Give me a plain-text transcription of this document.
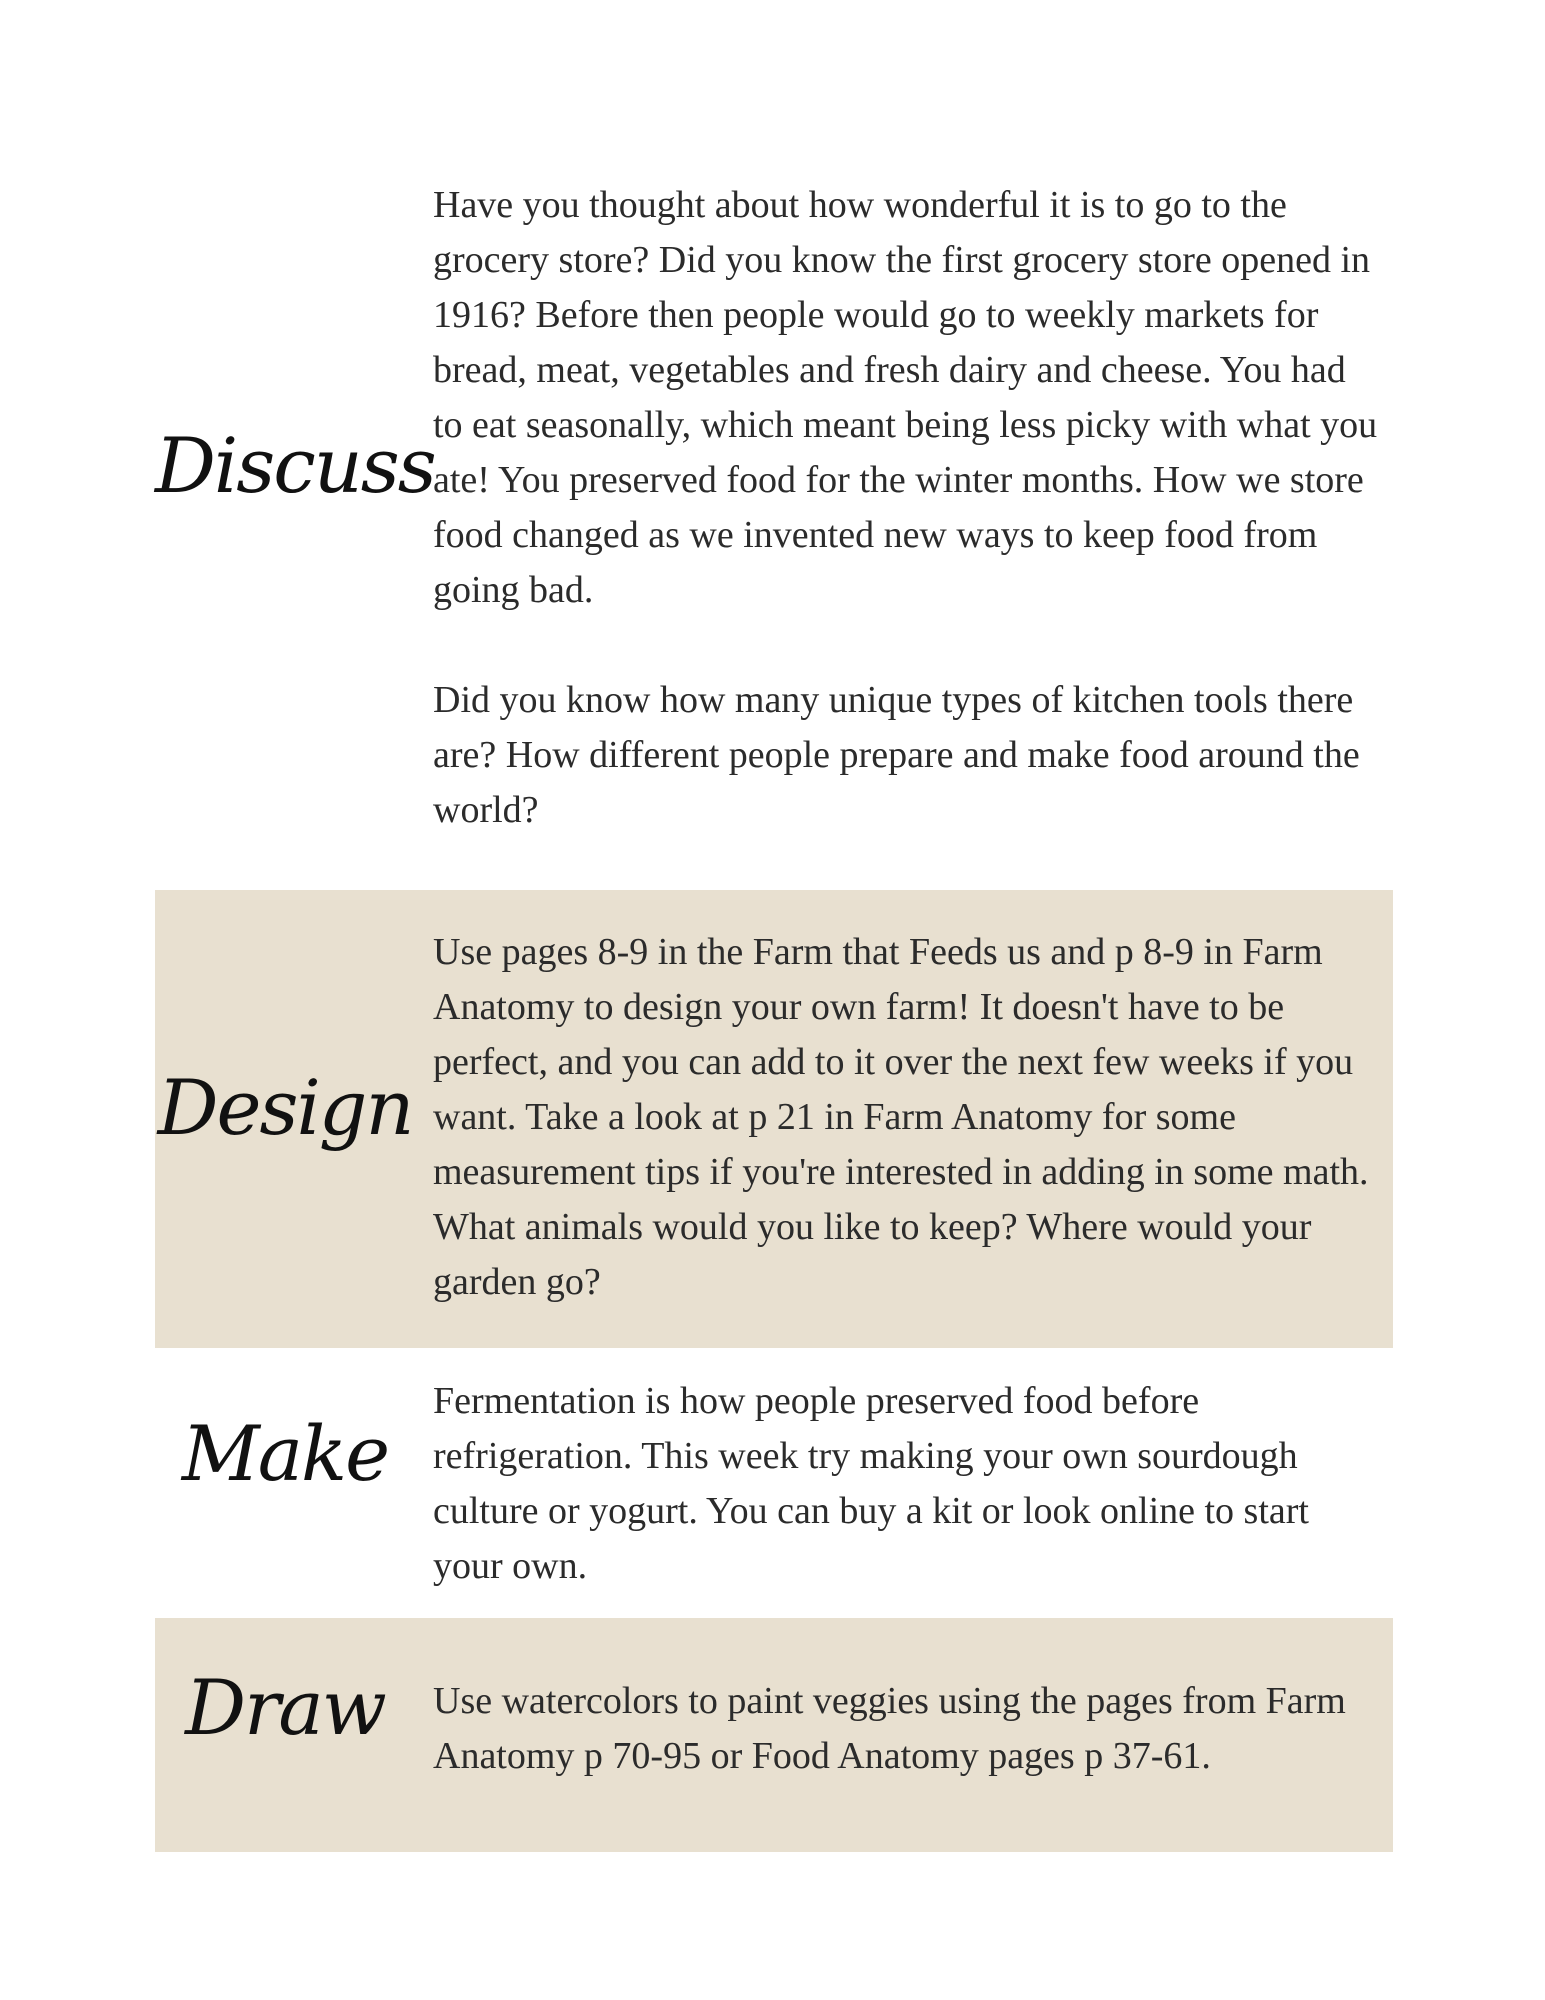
Discuss

Have you thought about how wonderful it is to go to the grocery store? Did you know the first grocery store opened in 1916? Before then people would go to weekly markets for bread, meat, vegetables and fresh dairy and cheese. You had to eat seasonally, which meant being less picky with what you ate! You preserved food for the winter months. How we store food changed as we invented new ways to keep food from going bad.

Did you know how many unique types of kitchen tools there are? How different people prepare and make food around the world?

Design

Use pages 8-9 in the Farm that Feeds us and p 8-9 in Farm Anatomy to design your own farm! It doesn't have to be perfect, and you can add to it over the next few weeks if you want. Take a look at p 21 in Farm Anatomy for some measurement tips if you're interested in adding in some math. What animals would you like to keep? Where would your garden go?

Make

Fermentation is how people preserved food before refrigeration. This week try making your own sourdough culture or yogurt. You can buy a kit or look online to start your own.

Draw	Use watercolors to paint veggies using the pages from Farm Anatomy p 70-95 or Food Anatomy pages p 37-61.
